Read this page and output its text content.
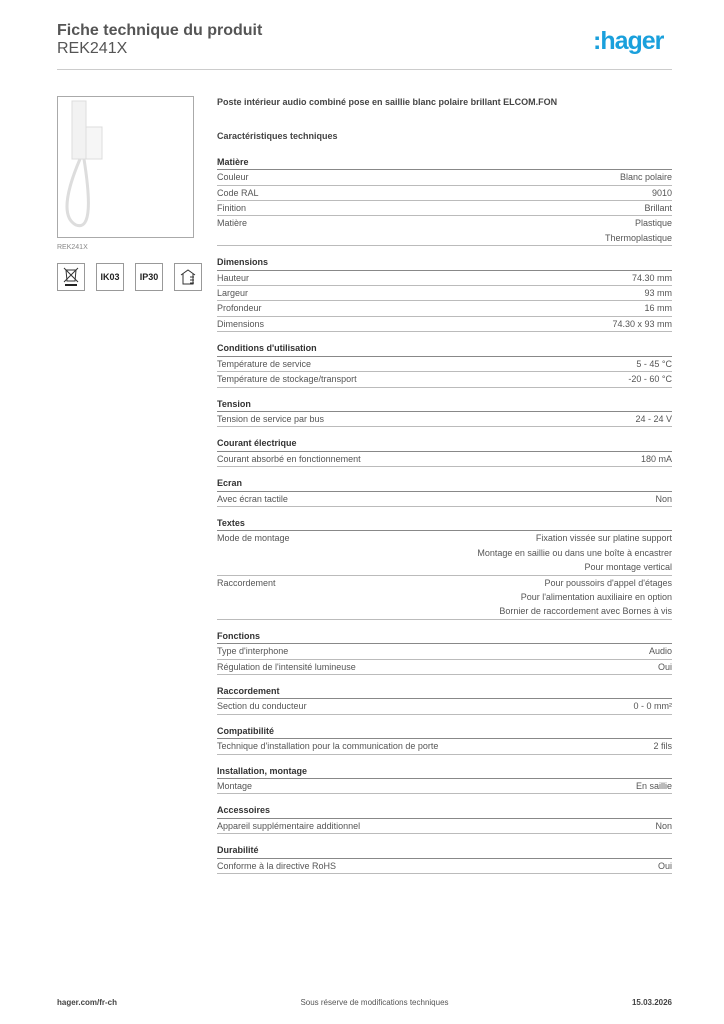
Fiche technique du produit
REK241X	:hager
REK241X
IK03	IP30
Poste intérieur audio combiné pose en saillie blanc polaire brillant ELCOM.FON
Caractéristiques techniques
Matière
Couleur	Blanc polaire
Code RAL	9010
Finition	Brillant
Matière	Plastique
Thermoplastique
Dimensions
Hauteur	74.30 mm
Largeur	93 mm
Profondeur	16 mm
Dimensions	74.30 x 93 mm
Conditions d'utilisation
Température de service	5 - 45 °C
Température de stockage/transport	-20 - 60 °C
Tension
Tension de service par bus	24 - 24 V
Courant électrique
Courant absorbé en fonctionnement	180 mA
Ecran
Avec écran tactile	Non
Textes
Mode de montage	Fixation vissée sur platine support
Montage en saillie ou dans une boîte à encastrer
Pour montage vertical
Raccordement	Pour poussoirs d'appel d'étages
Pour l'alimentation auxiliaire en option
Bornier de raccordement avec Bornes à vis
Fonctions
Type d'interphone	Audio
Régulation de l'intensité lumineuse	Oui
Raccordement
Section du conducteur	0 - 0 mm²
Compatibilité
Technique d'installation pour la communication de porte	2 fils
Installation, montage
Montage	En saillie
Accessoires
Appareil supplémentaire additionnel	Non
Durabilité
Conforme à la directive RoHS	Oui
hager.com/fr-ch	Sous réserve de modifications techniques	15.03.2026
